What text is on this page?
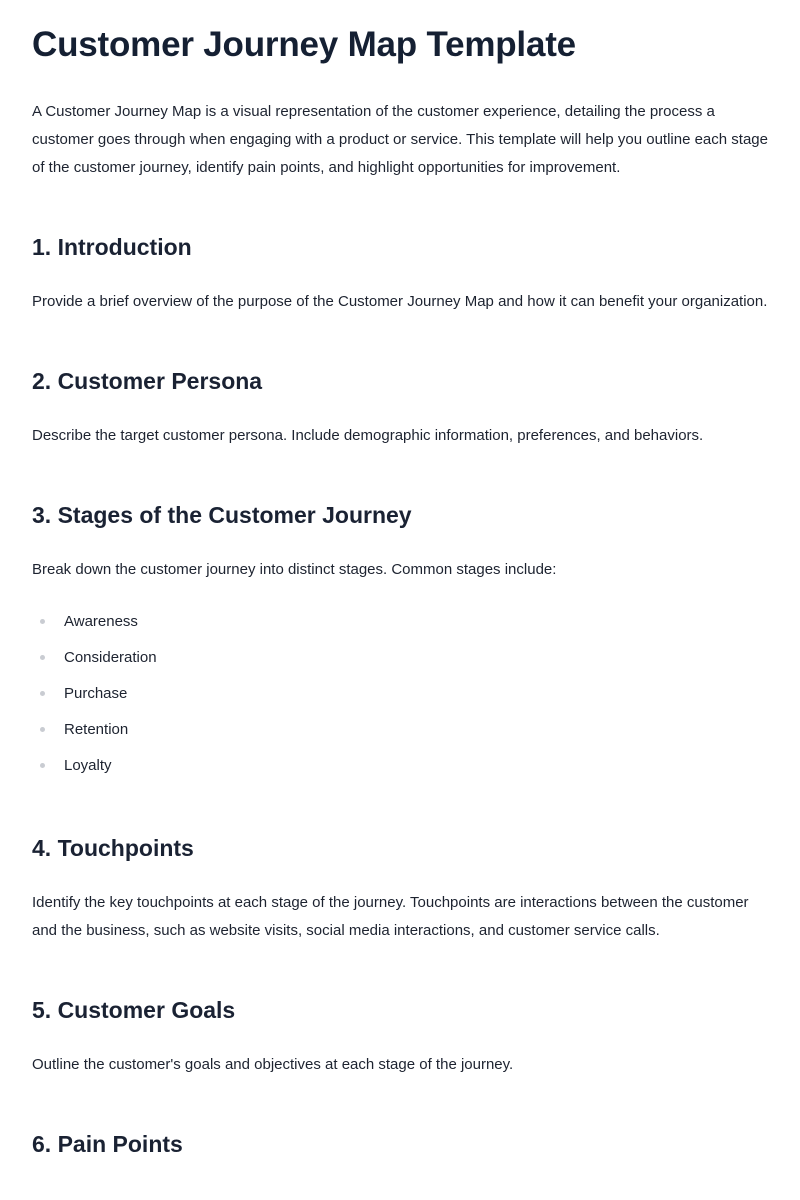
Customer Journey Map Template

A Customer Journey Map is a visual representation of the customer experience, detailing the process a customer goes through when engaging with a product or service. This template will help you outline each stage of the customer journey, identify pain points, and highlight opportunities for improvement.

1. Introduction

Provide a brief overview of the purpose of the Customer Journey Map and how it can benefit your organization.

2. Customer Persona

Describe the target customer persona. Include demographic information, preferences, and behaviors.

3. Stages of the Customer Journey

Break down the customer journey into distinct stages. Common stages include:

Awareness
Consideration
Purchase
Retention
Loyalty
4. Touchpoints

Identify the key touchpoints at each stage of the journey. Touchpoints are interactions between the customer and the business, such as website visits, social media interactions, and customer service calls.

5. Customer Goals

Outline the customer's goals and objectives at each stage of the journey.

6. Pain Points
